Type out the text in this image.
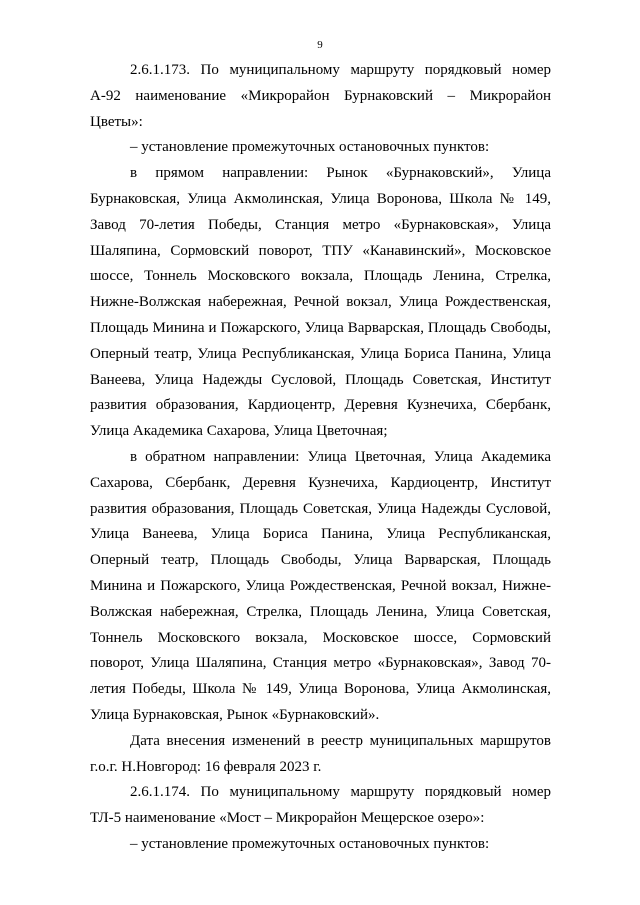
9

2.6.1.173. По муниципальному маршруту порядковый номер А-92 наименование «Микрорайон Бурнаковский – Микрорайон Цветы»:

– установление промежуточных остановочных пунктов:

в прямом направлении: Рынок «Бурнаковский», Улица Бурнаковская, Улица Акмолинская, Улица Воронова, Школа № 149, Завод 70-летия Победы, Станция метро «Бурнаковская», Улица Шаляпина, Сормовский поворот, ТПУ «Канавинский», Московское шоссе, Тоннель Московского вокзала, Площадь Ленина, Стрелка, Нижне-Волжская набережная, Речной вокзал, Улица Рождественская, Площадь Минина и Пожарского, Улица Варварская, Площадь Свободы, Оперный театр, Улица Республиканская, Улица Бориса Панина, Улица Ванеева, Улица Надежды Сусловой, Площадь Советская, Институт развития образования, Кардиоцентр, Деревня Кузнечиха, Сбербанк, Улица Академика Сахарова, Улица Цветочная;

в обратном направлении: Улица Цветочная, Улица Академика Сахарова, Сбербанк, Деревня Кузнечиха, Кардиоцентр, Институт развития образования, Площадь Советская, Улица Надежды Сусловой, Улица Ванеева, Улица Бориса Панина, Улица Республиканская, Оперный театр, Площадь Свободы, Улица Варварская, Площадь Минина и Пожарского, Улица Рождественская, Речной вокзал, Нижне-Волжская набережная, Стрелка, Площадь Ленина, Улица Советская, Тоннель Московского вокзала, Московское шоссе, Сормовский поворот, Улица Шаляпина, Станция метро «Бурнаковская», Завод 70-летия Победы, Школа № 149, Улица Воронова, Улица Акмолинская, Улица Бурнаковская, Рынок «Бурнаковский».

Дата внесения изменений в реестр муниципальных маршрутов г.о.г. Н.Новгород: 16 февраля 2023 г.

2.6.1.174. По муниципальному маршруту порядковый номер ТЛ-5 наименование «Мост – Микрорайон Мещерское озеро»:

– установление промежуточных остановочных пунктов:
